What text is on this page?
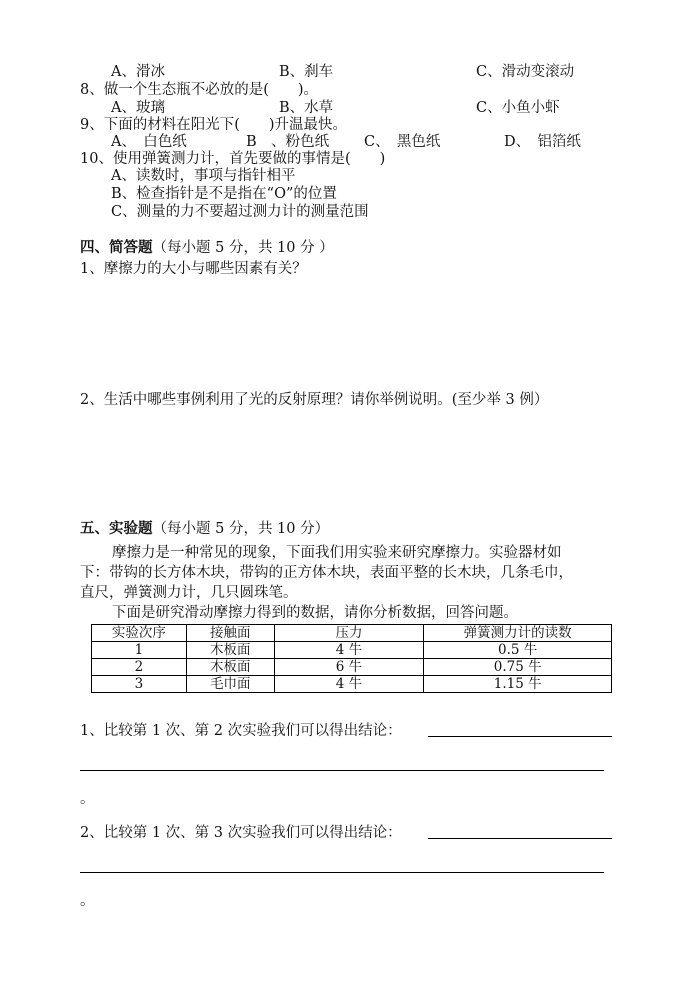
A、滑冰	B、刹车	C、滑动变滚动
8、做一个生态瓶不必放的是(　　)。
A、玻璃	B、水草	C、小鱼小虾
9、下面的材料在阳光下(　　)升温最快。
A、　白色纸	B　、粉色纸 C、　黑色纸	D、　铝箔纸
10、使用弹簧测力计，首先要做的事情是(　　)
A、读数时，事项与指针相平
B、检查指针是不是指在“O”的位置
C、测量的力不要超过测力计的测量范围
四、简答题（每小题 5 分，共 10 分 ）
1、摩擦力的大小与哪些因素有关？
2、生活中哪些事例利用了光的反射原理？请你举例说明。(至少举 3 例）
五、实验题（每小题 5 分，共 10 分）
摩擦力是一种常见的现象，下面我们用实验来研究摩擦力。实验器材如
下：带钩的长方体木块，带钩的正方体木块，表面平整的长木块，几条毛巾，
直尺，弹簧测力计，几只圆珠笔。
下面是研究滑动摩擦力得到的数据，请你分析数据，回答问题。
实验次序	接触面	压力	弹簧测力计的读数
1	木板面	4 牛	0.5 牛
2	木板面	6 牛	0.75 牛
3	毛巾面	4 牛	1.15 牛
1、比较第 1 次、第 2 次实验我们可以得出结论：
。
2、比较第 1 次、第 3 次实验我们可以得出结论：
。
